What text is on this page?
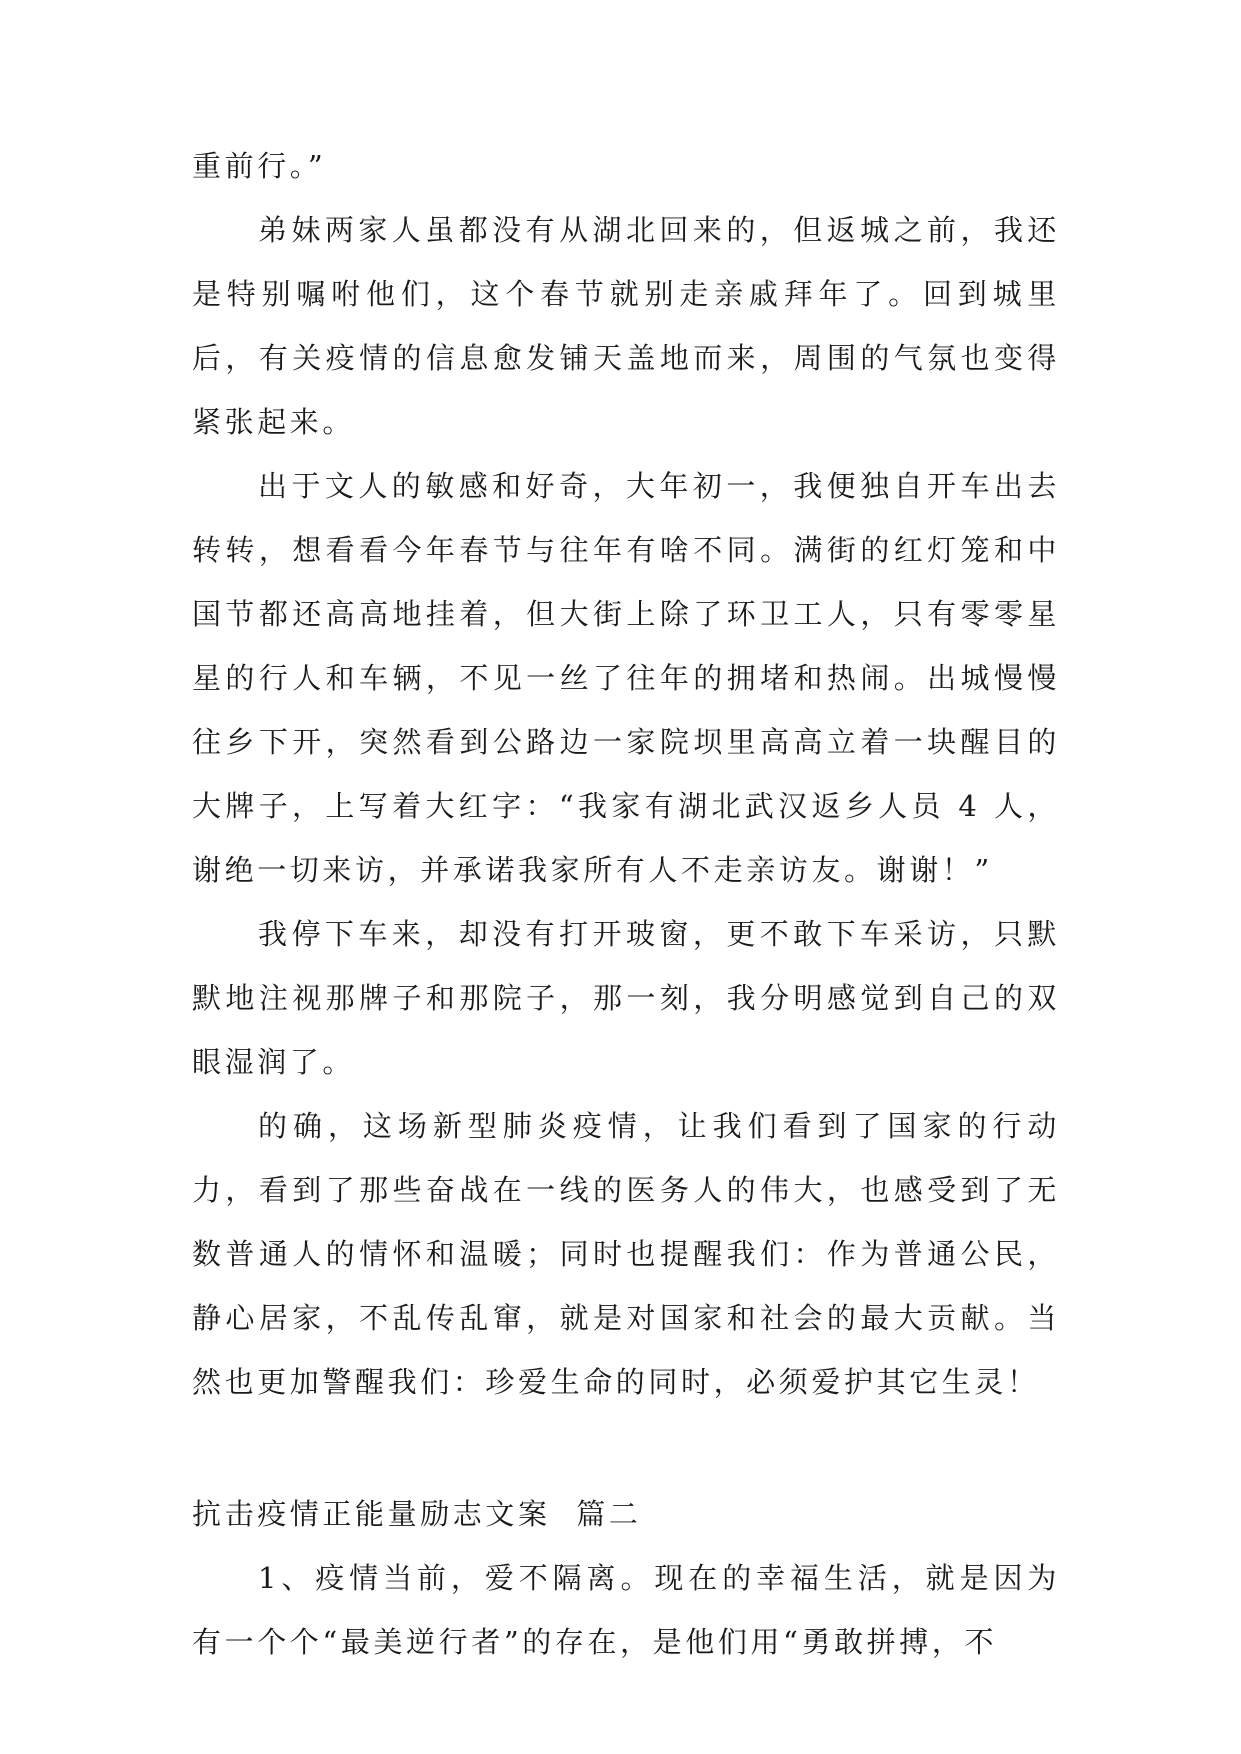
重前行。”

弟妹两家人虽都没有从湖北回来的，但返城之前，我还是特别嘱咐他们，这个春节就别走亲戚拜年了。回到城里后，有关疫情的信息愈发铺天盖地而来，周围的气氛也变得紧张起来。

出于文人的敏感和好奇，大年初一，我便独自开车出去转转，想看看今年春节与往年有啥不同。满街的红灯笼和中国节都还高高地挂着，但大街上除了环卫工人，只有零零星星的行人和车辆，不见一丝了往年的拥堵和热闹。出城慢慢往乡下开，突然看到公路边一家院坝里高高立着一块醒目的大牌子，上写着大红字：“我家有湖北武汉返乡人员 4 人，谢绝一切来访，并承诺我家所有人不走亲访友。谢谢！”

我停下车来，却没有打开玻窗，更不敢下车采访，只默默地注视那牌子和那院子，那一刻，我分明感觉到自己的双眼湿润了。

的确，这场新型肺炎疫情，让我们看到了国家的行动力，看到了那些奋战在一线的医务人的伟大，也感受到了无数普通人的情怀和温暖；同时也提醒我们：作为普通公民，静心居家，不乱传乱窜，就是对国家和社会的最大贡献。当然也更加警醒我们：珍爱生命的同时，必须爱护其它生灵！

抗击疫情正能量励志文案  篇二

1、疫情当前，爱不隔离。现在的幸福生活，就是因为有一个个“最美逆行者”的存在，是他们用“勇敢拼搏，不
